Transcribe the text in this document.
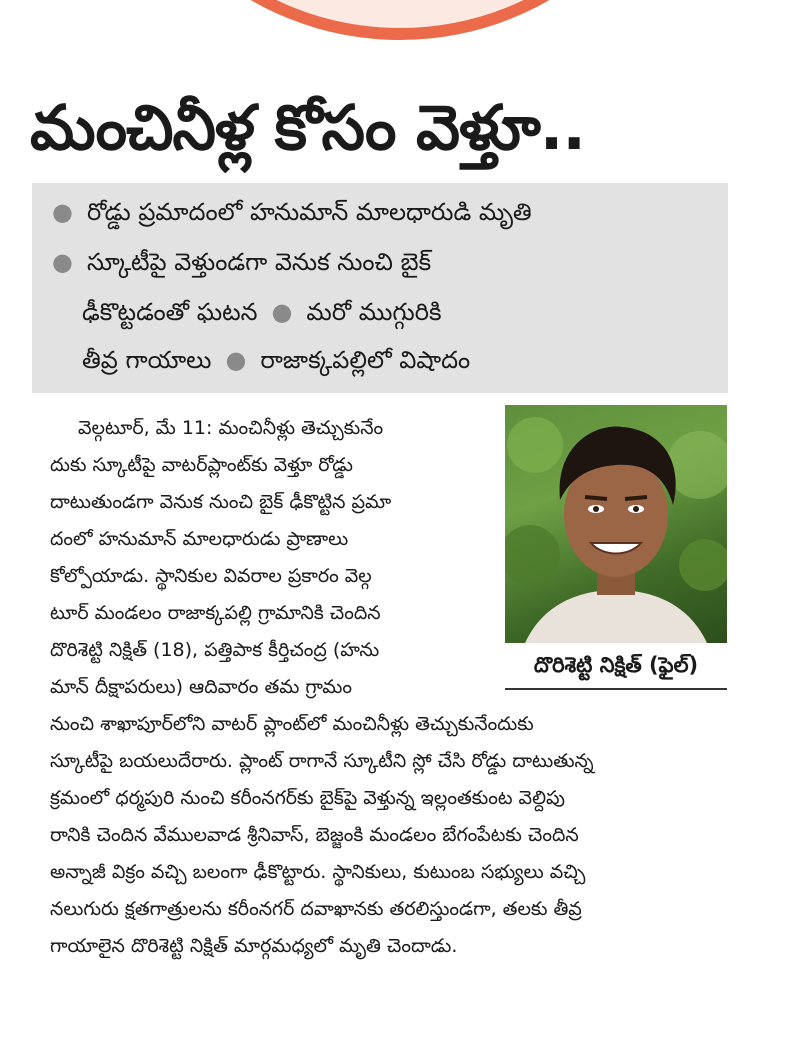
మంచినీళ్ల కోసం వెళ్తూ..
● రోడ్డు ప్రమాదంలో హనుమాన్ మాలధారుడి మృతి
● స్కూటీపై వెళ్తుండగా వెనుక నుంచి బైక్
ఢీకొట్టడంతో ఘటన ● మరో ముగ్గురికి
తీవ్ర గాయాలు ● రాజాక్కపల్లిలో విషాదం
దొరిశెట్టి నిక్షిత్ (ఫైల్)
వెల్గటూర్, మే 11: మంచినీళ్లు తెచ్చుకునేం
దుకు స్కూటీపై వాటర్‌ప్లాంట్‌కు వెళ్తూ రోడ్డు
దాటుతుండగా వెనుక నుంచి బైక్ ఢీకొట్టిన ప్రమా
దంలో హనుమాన్ మాలధారుడు ప్రాణాలు
కోల్పోయాడు. స్థానికుల వివరాల ప్రకారం వెల్గ
టూర్ మండలం రాజాక్కపల్లి గ్రామానికి చెందిన
దొరిశెట్టి నిక్షిత్ (18), పత్తిపాక కీర్తిచంద్ర (హను
మాన్ దీక్షాపరులు) ఆదివారం తమ గ్రామం
నుంచి శాఖాపూర్‌లోని వాటర్ ప్లాంట్‌లో మంచినీళ్లు తెచ్చుకునేందుకు
స్కూటీపై బయలుదేరారు. ప్లాంట్ రాగానే స్కూటీని స్లో చేసి రోడ్డు దాటుతున్న
క్రమంలో ధర్మపురి నుంచి కరీంనగర్‌కు బైక్‌పై వెళ్తున్న ఇల్లంతకుంట వెల్దిపు
రానికి చెందిన వేములవాడ శ్రీనివాస్, బెజ్జంకి మండలం బేగంపేటకు చెందిన
అన్నాజీ విక్రం వచ్చి బలంగా ఢీకొట్టారు. స్థానికులు, కుటుంబ సభ్యులు వచ్చి
నలుగురు క్షతగాత్రులను కరీంనగర్ దవాఖానకు తరలిస్తుండగా, తలకు తీవ్ర
గాయాలైన దొరిశెట్టి నిక్షిత్ మార్గమధ్యలో మృతి చెందాడు.
